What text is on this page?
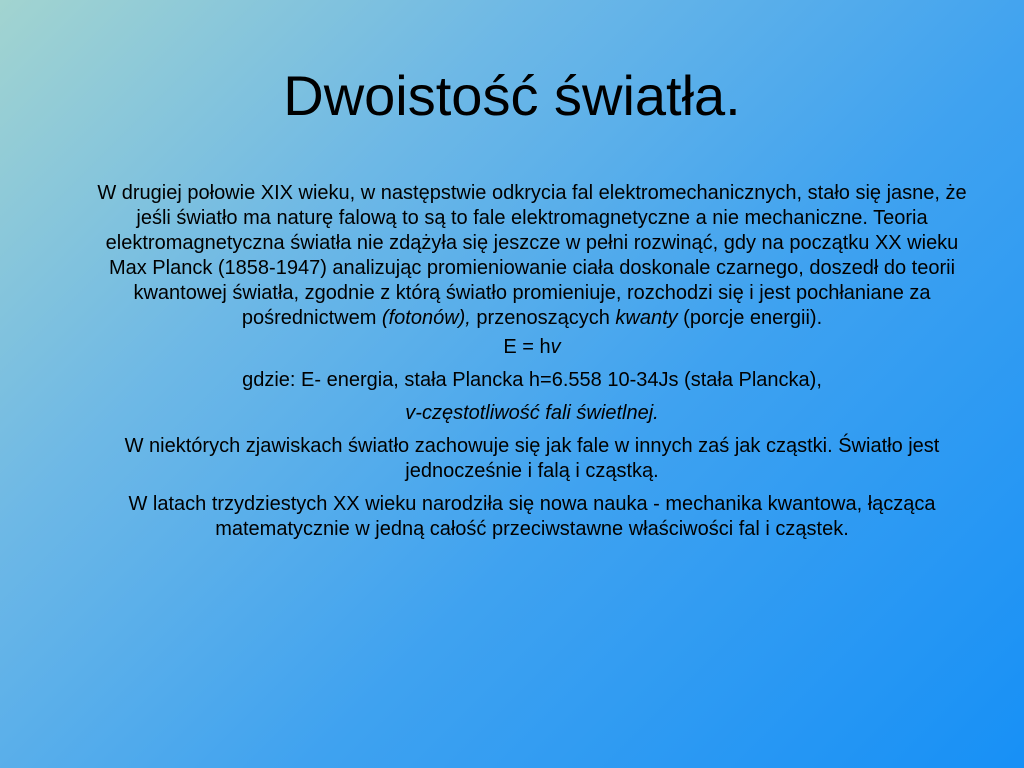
Dwoistość światła.

W drugiej połowie XIX wieku, w następstwie odkrycia fal elektromechanicznych, stało się jasne, że jeśli światło ma naturę falową to są to fale elektromagnetyczne a nie mechaniczne. Teoria elektromagnetyczna światła nie zdążyła się jeszcze w pełni rozwinąć, gdy na początku XX wieku Max Planck (1858-1947) analizując promieniowanie ciała doskonale czarnego, doszedł do teorii kwantowej światła, zgodnie z którą światło promieniuje, rozchodzi się i jest pochłaniane za pośrednictwem (fotonów), przenoszących kwanty (porcje energii).

E = hv

gdzie: E- energia, stała Plancka h=6.558 10-34Js (stała Plancka),

v-częstotliwość fali świetlnej.

W niektórych zjawiskach światło zachowuje się jak fale w innych zaś jak cząstki. Światło jest jednocześnie i falą i cząstką.

W latach trzydziestych XX wieku narodziła się nowa nauka - mechanika kwantowa, łącząca matematycznie w jedną całość przeciwstawne właściwości fal i cząstek.
